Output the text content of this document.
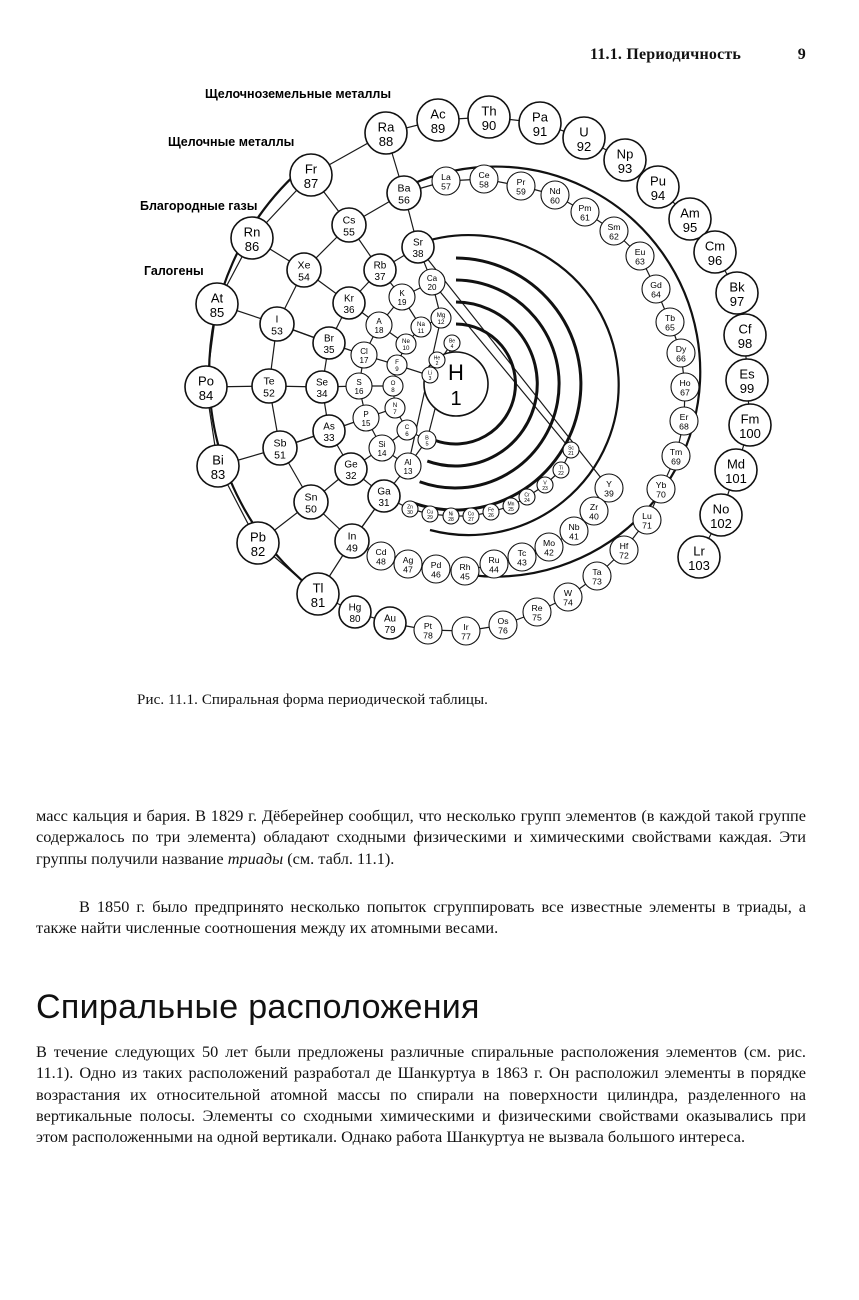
11.1. Периодичность	9
Щелочноземельные металлы
Щелочные металлы
Благородные газы
Галогены
H
1
He
2
Li
3
Be
4
B
5
C
6
N
7
O
8
F
9
Ne
10
Na
11
Mg
12
Al
13
Si
14
P
15
S
16
Cl
17
A
18
K
19
Ca
20
Sc
21
Ti
22
V
23
Cr
24
Mn
25
Fe
26
Co
27
Ni
28
Cu
29
Zn
30
Ga
31
Ge
32
As
33
Se
34
Br
35
Kr
36
Rb
37
Sr
38
Y
39
Zr
40
Nb
41
Mo
42
Tc
43
Ru
44
Rh
45
Pd
46
Ag
47
Cd
48
In
49
Sn
50
Sb
51
Te
52
I
53
Xe
54
Cs
55
Ba
56
La
57
Ce
58	Pr
59	Nd
60
Pm
61
Sm
62
Eu
63
Gd
64
Tb
65
Dy
66
Ho
67
Er
68
Tm
69
Yb
70
Lu
71
Hf
72
Ta
73
W
74
Re
75
Os
76
Ir
77
Pt
78
Au
79
Hg
80
Tl
81
Pb
82
Bi
83
Po
84
At
85
Rn
86
Fr
87
Ra
88
Ac
89
Th
90
Pa
91 U
92 Np
93
Pu
94
Am
95
Cm
96
Bk
97
Cf
98
Es
99
Fm
100
Md
101
No
102
Lr
103
Рис. 11.1. Спиральная форма периодической таблицы.
масс кальция и бария. В 1829 г. Дёберейнер сообщил, что несколько групп элементов (в каждой такой группе содержалось по три элемента) обладают сходными физическими и химическими свойствами каждая. Эти группы получили название триады (см. табл. 11.1).
В 1850 г. было предпринято несколько попыток сгруппировать все известные элементы в триады, а также найти численные соотношения между их атомными весами.
Спиральные расположения
В течение следующих 50 лет были предложены различные спиральные расположения элементов (см. рис. 11.1). Одно из таких расположений разработал де Шанкуртуа в 1863 г. Он расположил элементы в порядке возрастания их относительной атомной массы по спирали на поверхности цилиндра, разделенного на вертикальные полосы. Элементы со сходными химическими и физическими свойствами оказывались при этом расположенными на одной вертикали. Однако работа Шанкуртуа не вызвала большого интереса.
